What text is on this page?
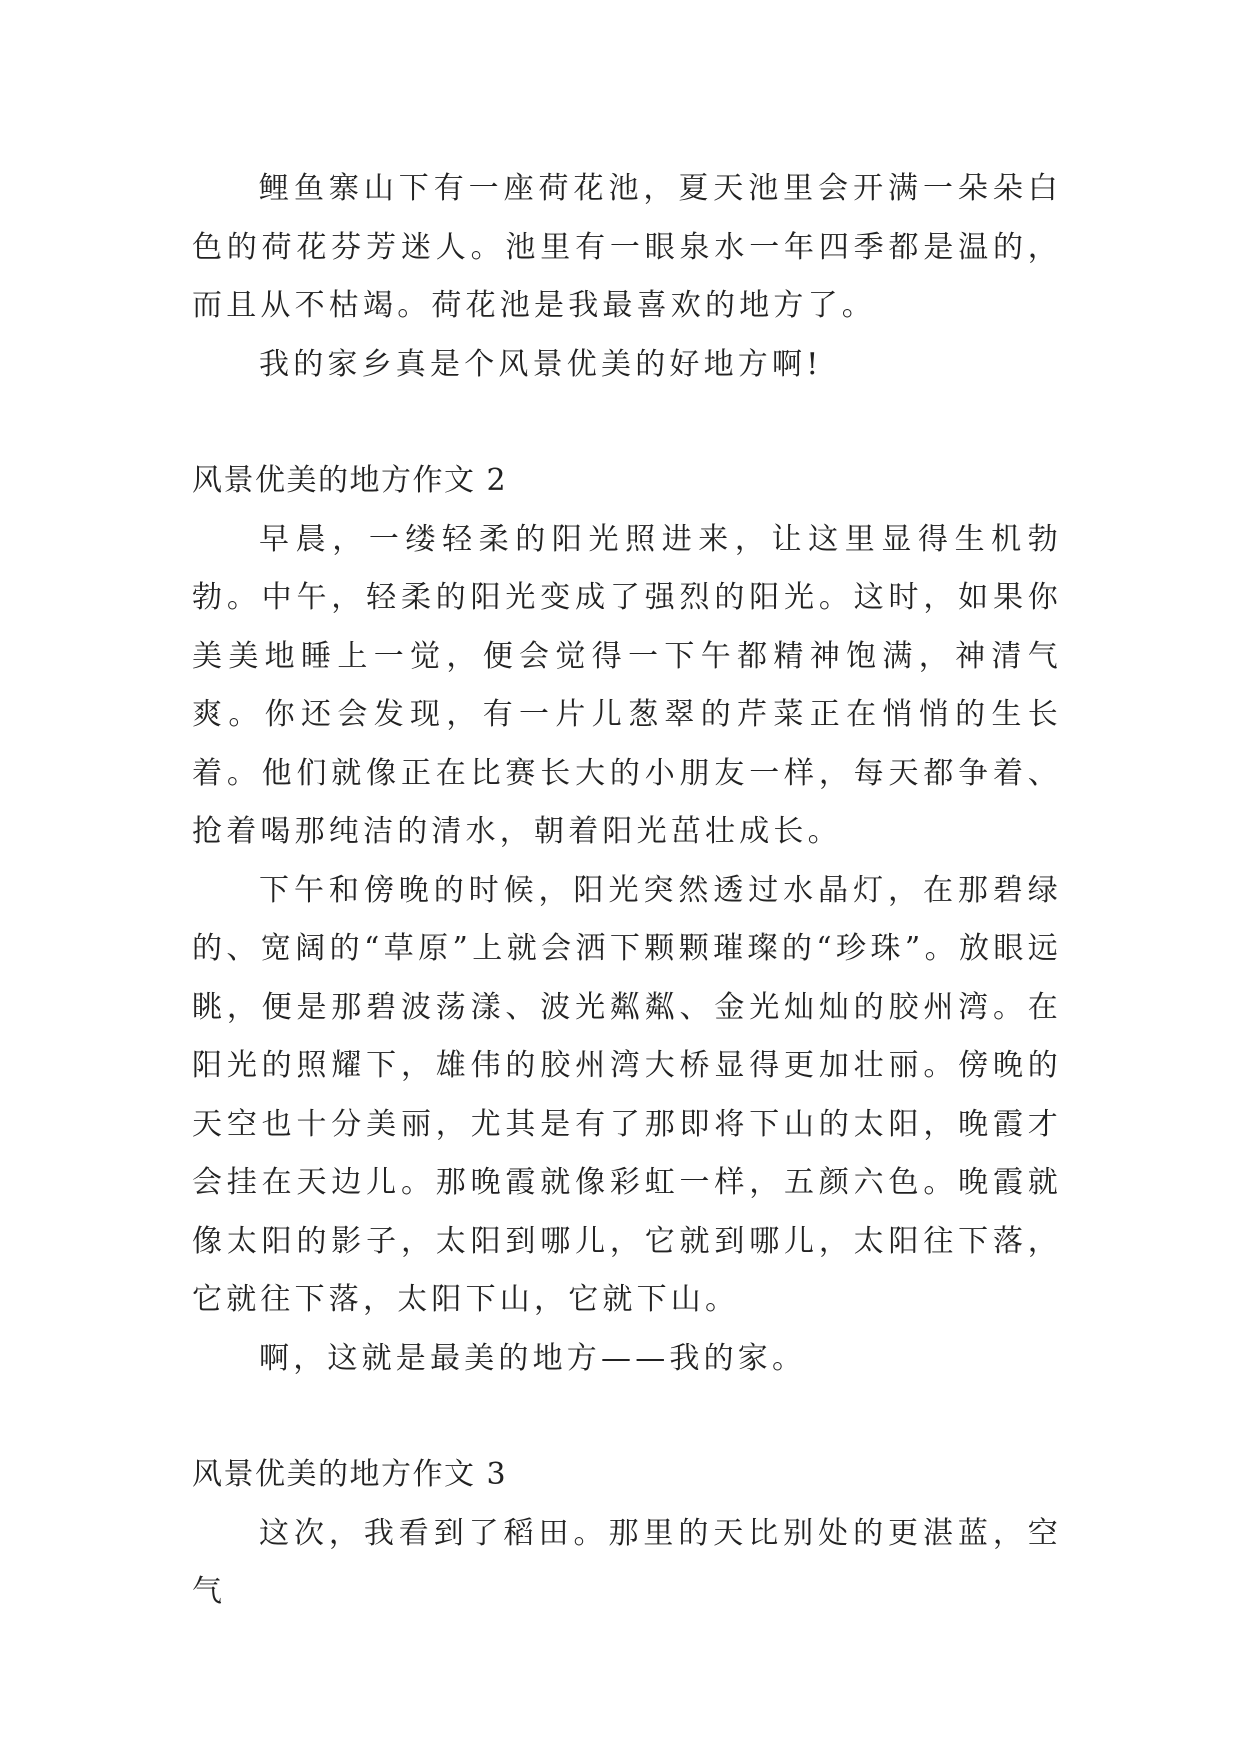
鲤鱼寨山下有一座荷花池，夏天池里会开满一朵朵白色的荷花芬芳迷人。池里有一眼泉水一年四季都是温的，而且从不枯竭。荷花池是我最喜欢的地方了。

我的家乡真是个风景优美的好地方啊!

风景优美的地方作文 2

早晨，一缕轻柔的阳光照进来，让这里显得生机勃勃。中午，轻柔的阳光变成了强烈的阳光。这时，如果你美美地睡上一觉，便会觉得一下午都精神饱满，神清气爽。你还会发现，有一片儿葱翠的芹菜正在悄悄的生长着。他们就像正在比赛长大的小朋友一样，每天都争着、抢着喝那纯洁的清水，朝着阳光茁壮成长。

下午和傍晚的时候，阳光突然透过水晶灯，在那碧绿的、宽阔的“草原”上就会洒下颗颗璀璨的“珍珠”。放眼远眺，便是那碧波荡漾、波光粼粼、金光灿灿的胶州湾。在阳光的照耀下，雄伟的胶州湾大桥显得更加壮丽。傍晚的天空也十分美丽，尤其是有了那即将下山的太阳，晚霞才会挂在天边儿。那晚霞就像彩虹一样，五颜六色。晚霞就像太阳的影子，太阳到哪儿，它就到哪儿，太阳往下落，它就往下落，太阳下山，它就下山。

啊，这就是最美的地方——我的家。

风景优美的地方作文 3

这次，我看到了稻田。那里的天比别处的更湛蓝，空气
